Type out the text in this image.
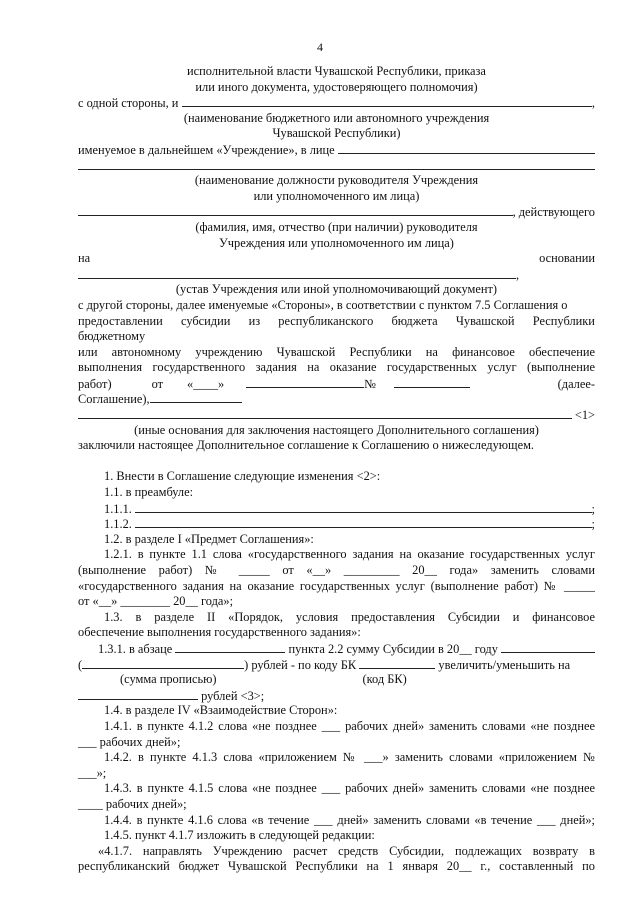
4
исполнительной власти Чувашской Республики, приказа
или иного документа, удостоверяющего полномочия)
с одной стороны, и
	,
(наименование бюджетного или автономного учреждения
Чувашской Республики)
именуемое в дальнейшем «Учреждение», в лице

(наименование должности руководителя Учреждения
или уполномоченного им лица)
, действующего
(фамилия, имя, отчество (при наличии) руководителя
Учреждения или уполномоченного им лица)
на	основании
,
(устав Учреждения или иной уполномочивающий документ)
с другой стороны, далее именуемые «Стороны», в соответствии с пунктом 7.5 Соглашения о
предоставлении субсидии из республиканского бюджета Чувашской Республики
бюджетному
или автономному учреждению Чувашской Республики на финансовое обеспечение
выполнения государственного задания на оказание государственных услуг (выполнение
работ)	от «____»	№	(далее-
Соглашение),

<1>
(иные основания для заключения настоящего Дополнительного соглашения)
заключили настоящее Дополнительное соглашение к Соглашению о нижеследующем.
1. Внести в Соглашение следующие изменения <2>:
1.1. в преамбуле:
1.1.1.
	;
1.1.2.
	;
1.2. в разделе I «Предмет Соглашения»:
1.2.1. в пункте 1.1 слова «государственного задания на оказание государственных услуг
(выполнение работ) № _____ от «__» _________ 20__ года» заменить словами
«государственного задания на оказание государственных услуг (выполнение работ) № _____
от «__» ________ 20__ года»;
1.3. в разделе II «Порядок, условия предоставления Субсидии и финансовое
обеспечение выполнения государственного задания»:
1.3.1. в абзаце

	пункта 2.2 сумму Субсидии в 20__ году

(	) рублей - по коду БК

	увеличить/уменьшить на
(сумма прописью)	(код БК)

рублей <3>;
1.4. в разделе IV «Взаимодействие Сторон»:
1.4.1. в пункте 4.1.2 слова «не позднее ___ рабочих дней» заменить словами «не позднее
___ рабочих дней»;
1.4.2. в пункте 4.1.3 слова «приложением № ___» заменить словами «приложением №
___»;
1.4.3. в пункте 4.1.5 слова «не позднее ___ рабочих дней» заменить словами «не позднее
____ рабочих дней»;
1.4.4. в пункте 4.1.6 слова «в течение ___ дней» заменить словами «в течение ___ дней»;
1.4.5. пункт 4.1.7 изложить в следующей редакции:
«4.1.7. направлять Учреждению расчет средств Субсидии, подлежащих возврату в
республиканский бюджет Чувашской Республики на 1 января 20__ г., составленный по
